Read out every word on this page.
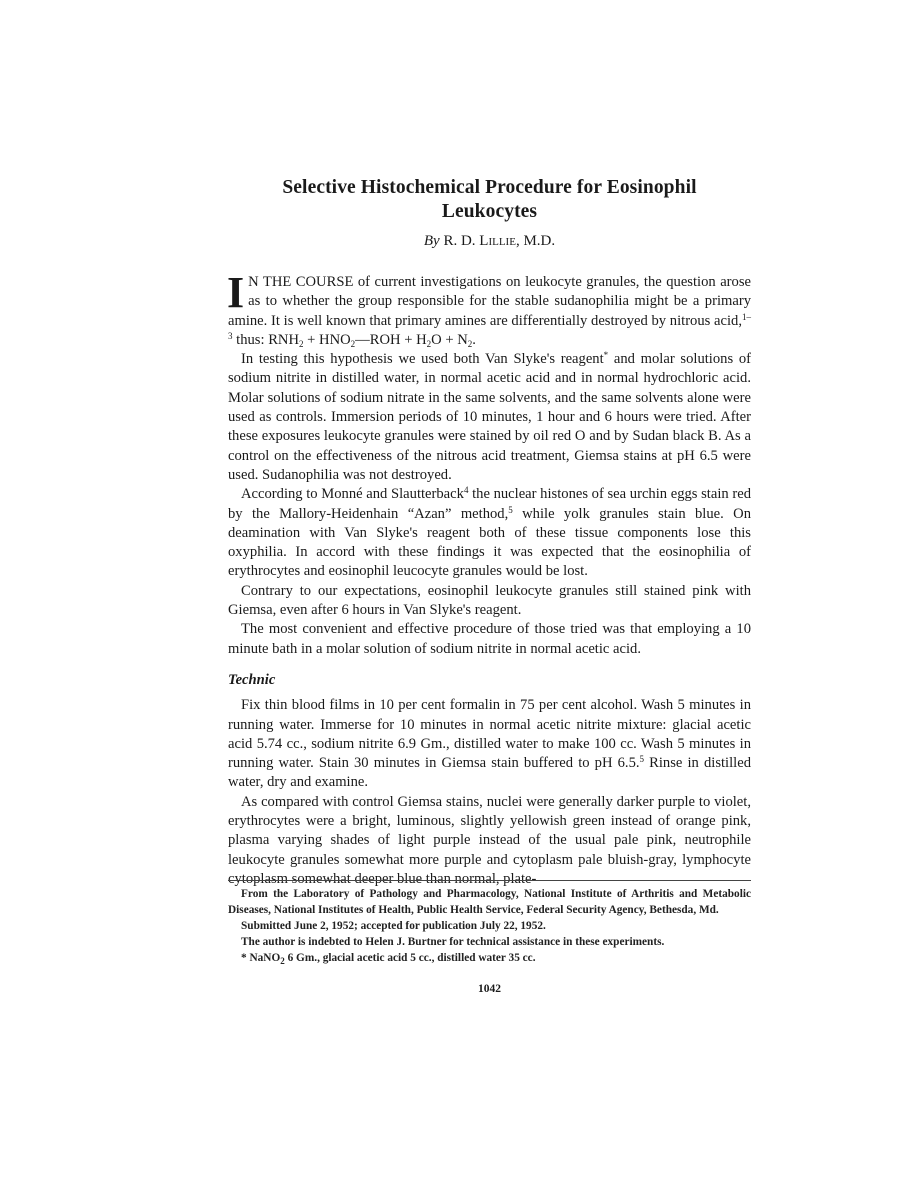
Selective Histochemical Procedure for Eosinophil
Leukocytes
By R. D. Lillie, M.D.

I N THE COURSE of current investigations on leukocyte granules, the question arose as to whether the group responsible for the stable sudanophilia might be a primary amine. It is well known that primary amines are differentially destroyed by nitrous acid,$^{1-3}$ thus: $RNH_2$ + $HNO_2—ROH + H_2O + N_2$.

In testing this hypothesis we used both Van Slyke's reagent* and molar solutions of sodium nitrite in distilled water, in normal acetic acid and in normal hydrochloric acid. Molar solutions of sodium nitrate in the same solvents, and the same solvents alone were used as controls. Immersion periods of 10 minutes, 1 hour and 6 hours were tried. After these exposures leukocyte granules were stained by oil red O and by Sudan black B. As a control on the effectiveness of the nitrous acid treatment, Giemsa stains at pH 6.5 were used. Sudanophilia was not destroyed.

According to Monné and Slautterback$^4$ the nuclear histones of sea urchin eggs stain red by the Mallory-Heidenhain “Azan” method,$^5$ while yolk granules stain blue. On deamination with Van Slyke's reagent both of these tissue components lose this oxyphilia. In accord with these findings it was expected that the eosinophilia of erythrocytes and eosinophil leucocyte granules would be lost.

Contrary to our expectations, eosinophil leukocyte granules still stained pink with Giemsa, even after 6 hours in Van Slyke's reagent.

The most convenient and effective procedure of those tried was that employing a 10 minute bath in a molar solution of sodium nitrite in normal acetic acid.

Technic

Fix thin blood films in 10 per cent formalin in 75 per cent alcohol. Wash 5 minutes in running water. Immerse for 10 minutes in normal acetic nitrite mixture: glacial acetic acid 5.74 cc., sodium nitrite 6.9 Gm., distilled water to make 100 cc. Wash 5 minutes in running water. Stain 30 minutes in Giemsa stain buffered to pH 6.5.$^5$ Rinse in distilled water, dry and examine.

As compared with control Giemsa stains, nuclei were generally darker purple to violet, erythrocytes were a bright, luminous, slightly yellowish green instead of orange pink, plasma varying shades of light purple instead of the usual pale pink, neutrophile leukocyte granules somewhat more purple and cytoplasm pale bluish-gray, lymphocyte cytoplasm somewhat deeper blue than normal, plate-

From the Laboratory of Pathology and Pharmacology, National Institute of Arthritis and Metabolic Diseases, National Institutes of Health, Public Health Service, Federal Security Agency, Bethesda, Md.

Submitted June 2, 1952; accepted for publication July 22, 1952.

The author is indebted to Helen J. Burtner for technical assistance in these experiments.

* NaNO$_2$ 6 Gm., glacial acetic acid 5 cc., distilled water 35 cc.

1042
